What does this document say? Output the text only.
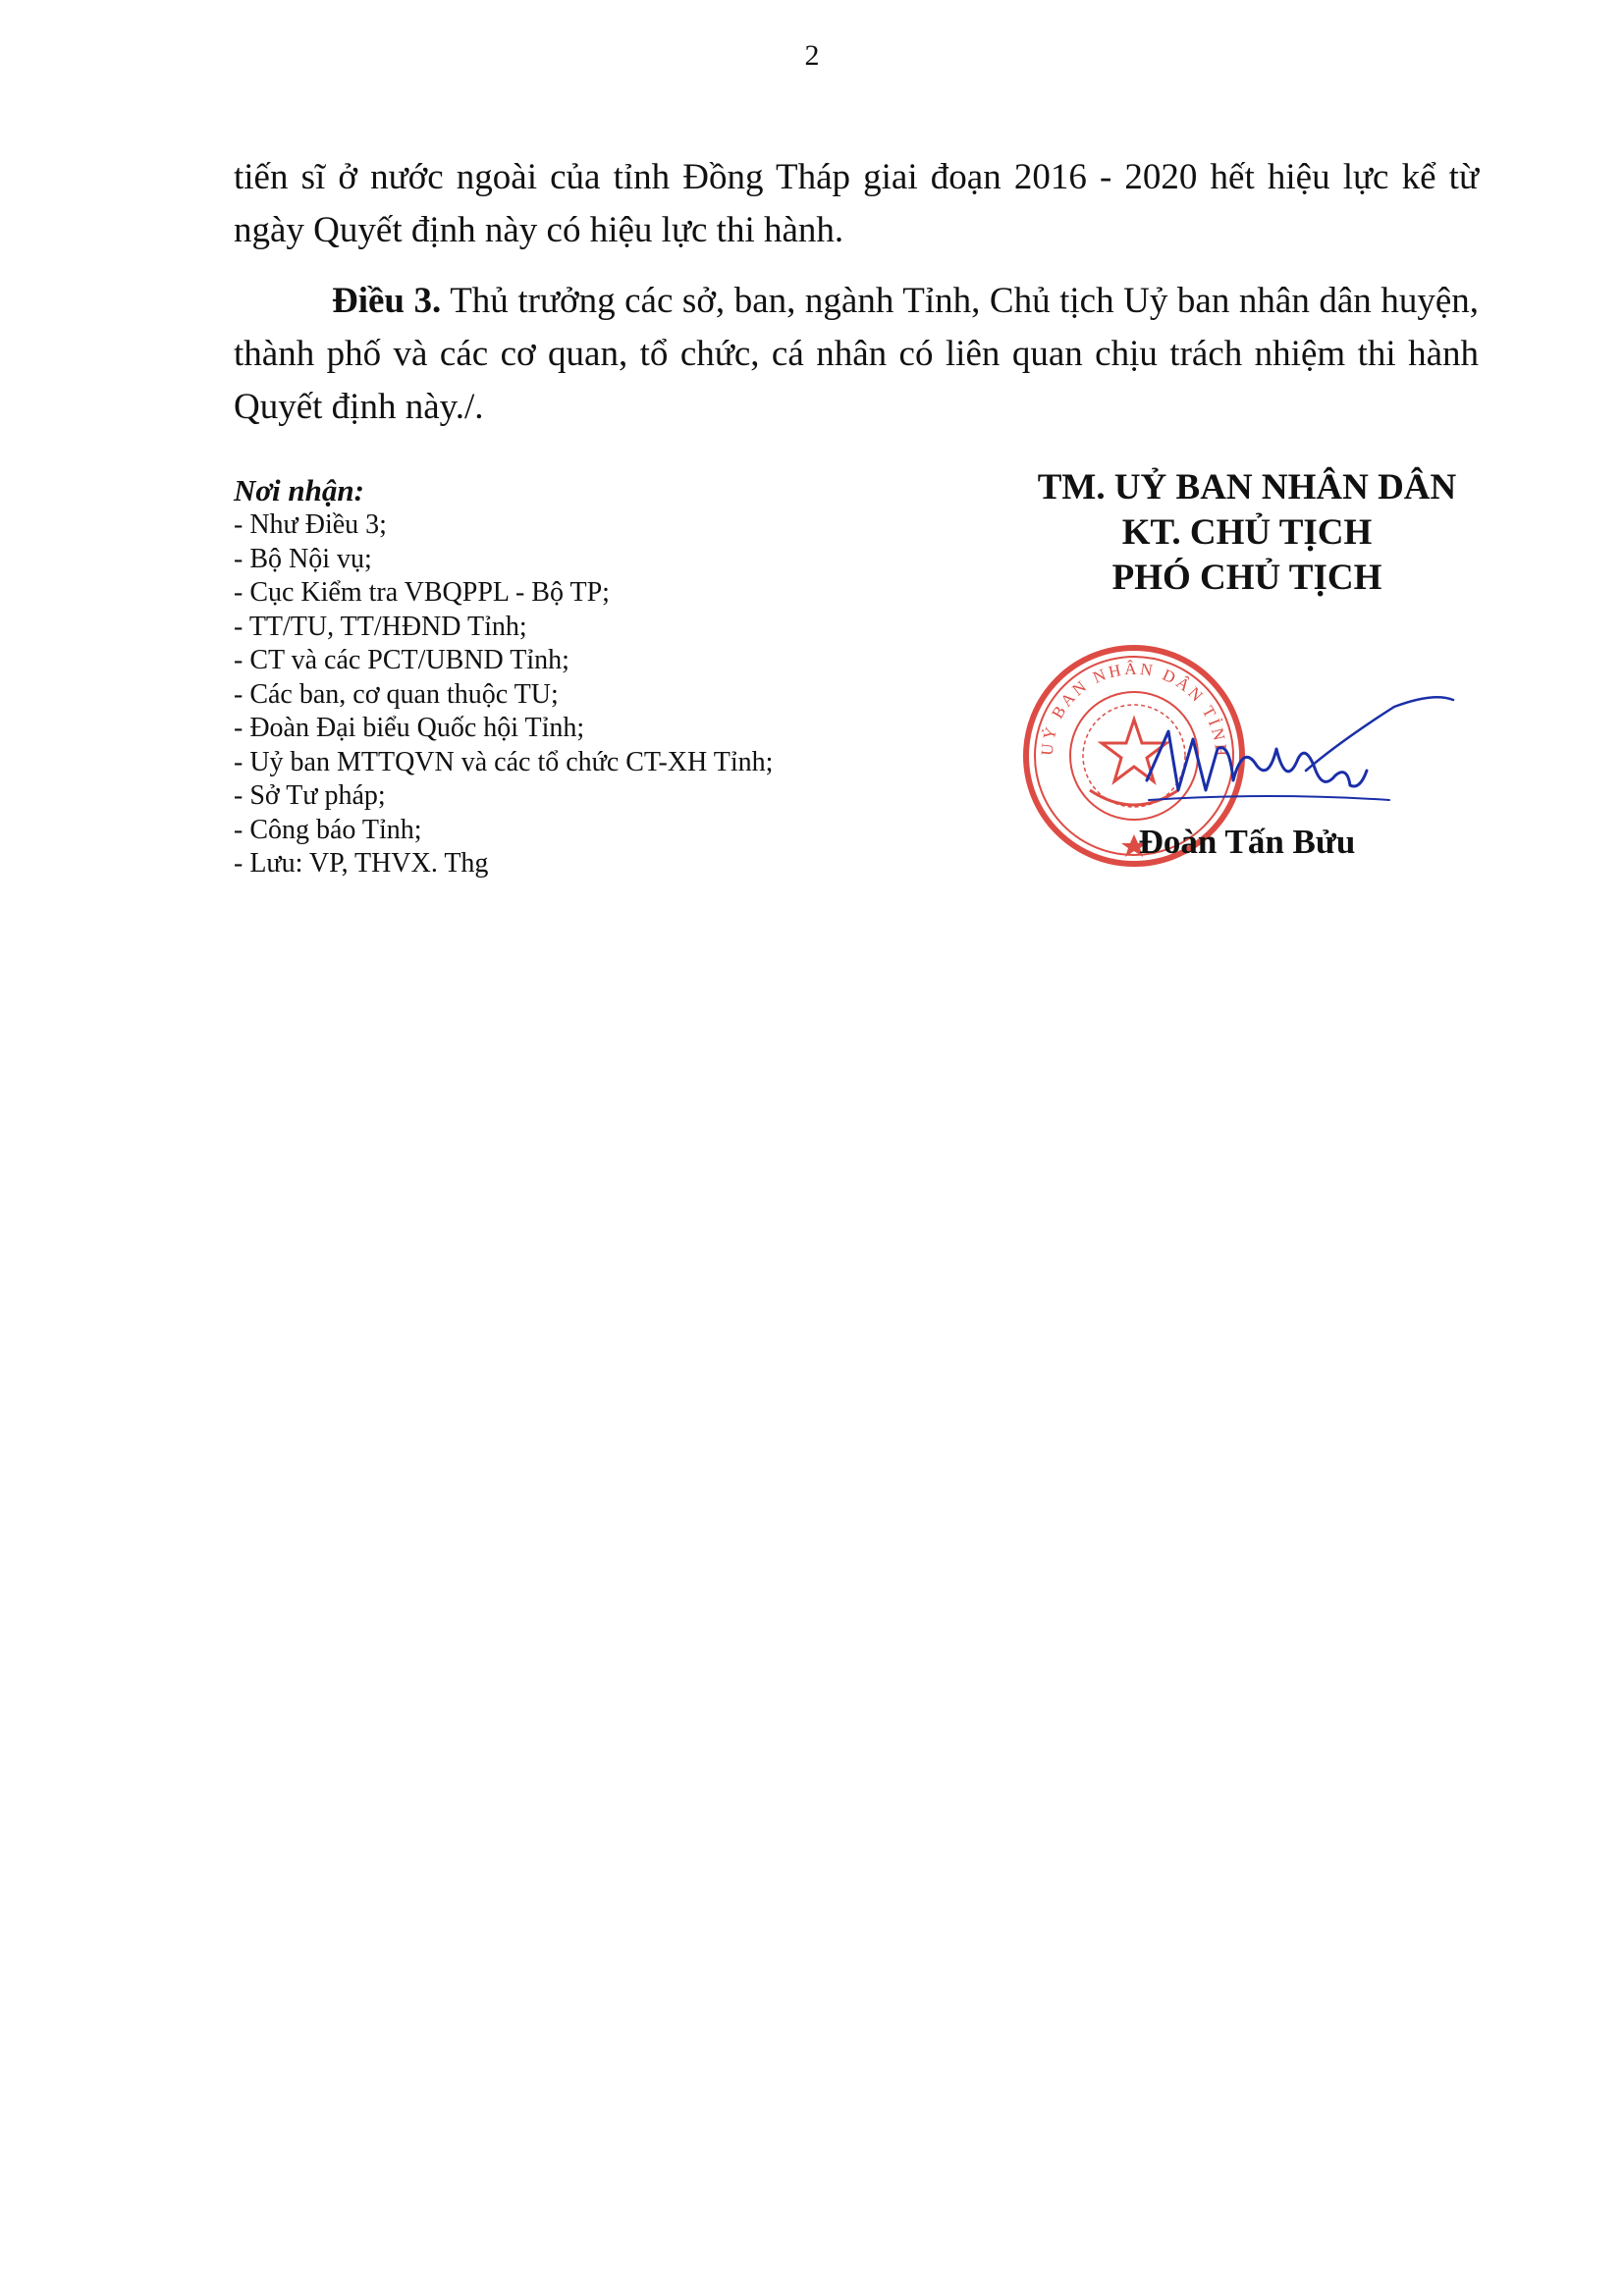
2
tiến sĩ ở nước ngoài của tỉnh Đồng Tháp giai đoạn 2016 - 2020 hết hiệu lực kể từ ngày Quyết định này có hiệu lực thi hành.
Điều 3. Thủ trưởng các sở, ban, ngành Tỉnh, Chủ tịch Uỷ ban nhân dân huyện, thành phố và các cơ quan, tổ chức, cá nhân có liên quan chịu trách nhiệm thi hành Quyết định này./.
Nơi nhận:
- Như Điều 3;
- Bộ Nội vụ;
- Cục Kiểm tra VBQPPL - Bộ TP;
- TT/TU, TT/HĐND Tỉnh;
- CT và các PCT/UBND Tỉnh;
- Các ban, cơ quan thuộc TU;
- Đoàn Đại biểu Quốc hội Tỉnh;
- Uỷ ban MTTQVN và các tổ chức CT-XH Tỉnh;
- Sở Tư pháp;
- Công báo Tỉnh;
- Lưu: VP, THVX. Thg
TM. UỶ BAN NHÂN DÂN
KT. CHỦ TỊCH
PHÓ CHỦ TỊCH
UỶ BAN NHÂN DÂN TỈNH ĐỒNG THÁP
Đoàn Tấn Bửu
